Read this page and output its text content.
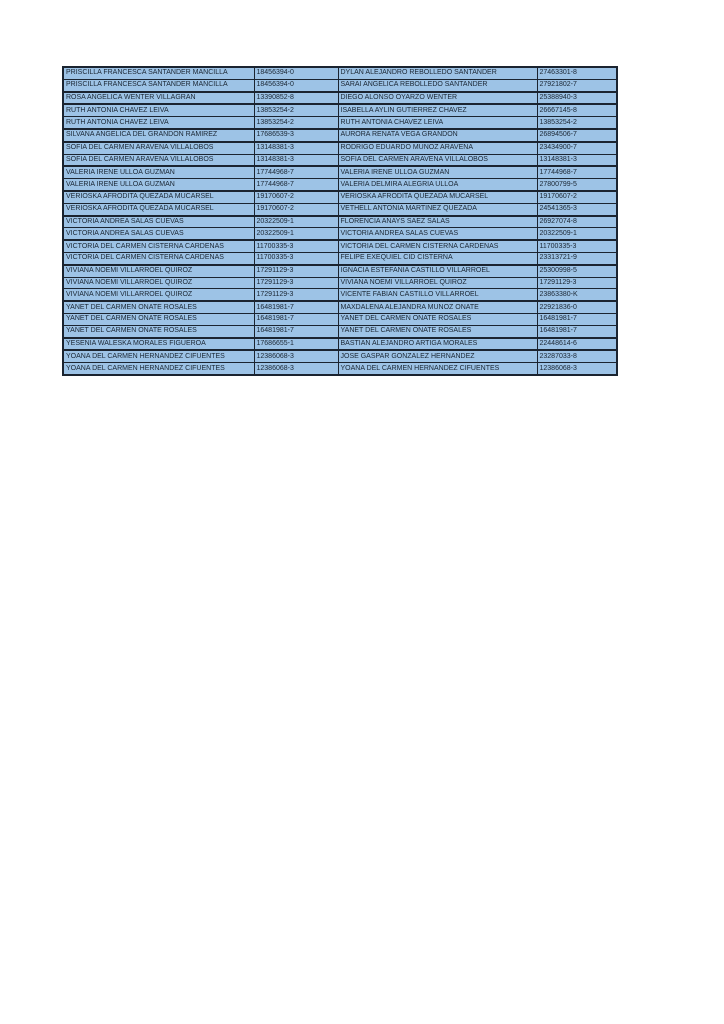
PRISCILLA FRANCESCA SANTANDER MANCILLA	18456394-0	DYLAN ALEJANDRO REBOLLEDO SANTANDER	27463301-8
PRISCILLA FRANCESCA SANTANDER MANCILLA	18456394-0	SARAI ANGELICA REBOLLEDO SANTANDER	27921802-7
ROSA ANGELICA WENTER VILLAGRAN	13390852-8	DIEGO ALONSO OYARZO WENTER	25388940-3
RUTH ANTONIA CHAVEZ LEIVA	13853254-2	ISABELLA AYLIN GUTIERREZ CHAVEZ	26667145-8
RUTH ANTONIA CHAVEZ LEIVA	13853254-2	RUTH ANTONIA CHAVEZ LEIVA	13853254-2
SILVANA ANGELICA DEL GRANDON RAMIREZ	17686539-3	AURORA RENATA VEGA GRANDON	26894506-7
SOFIA DEL CARMEN ARAVENA VILLALOBOS	13148381-3	RODRIGO EDUARDO MUNOZ ARAVENA	23434900-7
SOFIA DEL CARMEN ARAVENA VILLALOBOS	13148381-3	SOFIA DEL CARMEN ARAVENA VILLALOBOS	13148381-3
VALERIA IRENE ULLOA GUZMAN	17744968-7	VALERIA IRENE ULLOA GUZMAN	17744968-7
VALERIA IRENE ULLOA GUZMAN	17744968-7	VALERIA DELMIRA ALEGRIA ULLOA	27800799-5
VERIOSKA AFRODITA QUEZADA MUCARSEL	19170607-2	VERIOSKA AFRODITA QUEZADA MUCARSEL	19170607-2
VERIOSKA AFRODITA QUEZADA MUCARSEL	19170607-2	VETHELL ANTONIA MARTINEZ QUEZADA	24541365-3
VICTORIA ANDREA SALAS CUEVAS	20322509-1	FLORENCIA ANAYS SAEZ SALAS	26927074-8
VICTORIA ANDREA SALAS CUEVAS	20322509-1	VICTORIA ANDREA SALAS CUEVAS	20322509-1
VICTORIA DEL CARMEN CISTERNA CARDENAS	11700335-3	VICTORIA DEL CARMEN CISTERNA CARDENAS	11700335-3
VICTORIA DEL CARMEN CISTERNA CARDENAS	11700335-3	FELIPE EXEQUIEL CID CISTERNA	23313721-9
VIVIANA NOEMI VILLARROEL QUIROZ	17291129-3	IGNACIA ESTEFANIA CASTILLO VILLARROEL	25300998-5
VIVIANA NOEMI VILLARROEL QUIROZ	17291129-3	VIVIANA NOEMI VILLARROEL QUIROZ	17291129-3
VIVIANA NOEMI VILLARROEL QUIROZ	17291129-3	VICENTE FABIAN CASTILLO VILLARROEL	23863380-K
YANET DEL CARMEN ONATE ROSALES	16481981-7	MAXDALENA ALEJANDRA MUNOZ ONATE	22921836-0
YANET DEL CARMEN ONATE ROSALES	16481981-7	YANET DEL CARMEN ONATE ROSALES	16481981-7
YANET DEL CARMEN ONATE ROSALES	16481981-7	YANET DEL CARMEN ONATE ROSALES	16481981-7
YESENIA WALESKA MORALES FIGUEROA	17686655-1	BASTIAN ALEJANDRO ARTIGA MORALES	22448614-6
YOANA DEL CARMEN HERNANDEZ CIFUENTES	12386068-3	JOSE GASPAR GONZALEZ HERNANDEZ	23287033-8
YOANA DEL CARMEN HERNANDEZ CIFUENTES	12386068-3	YOANA DEL CARMEN HERNANDEZ CIFUENTES	12386068-3
